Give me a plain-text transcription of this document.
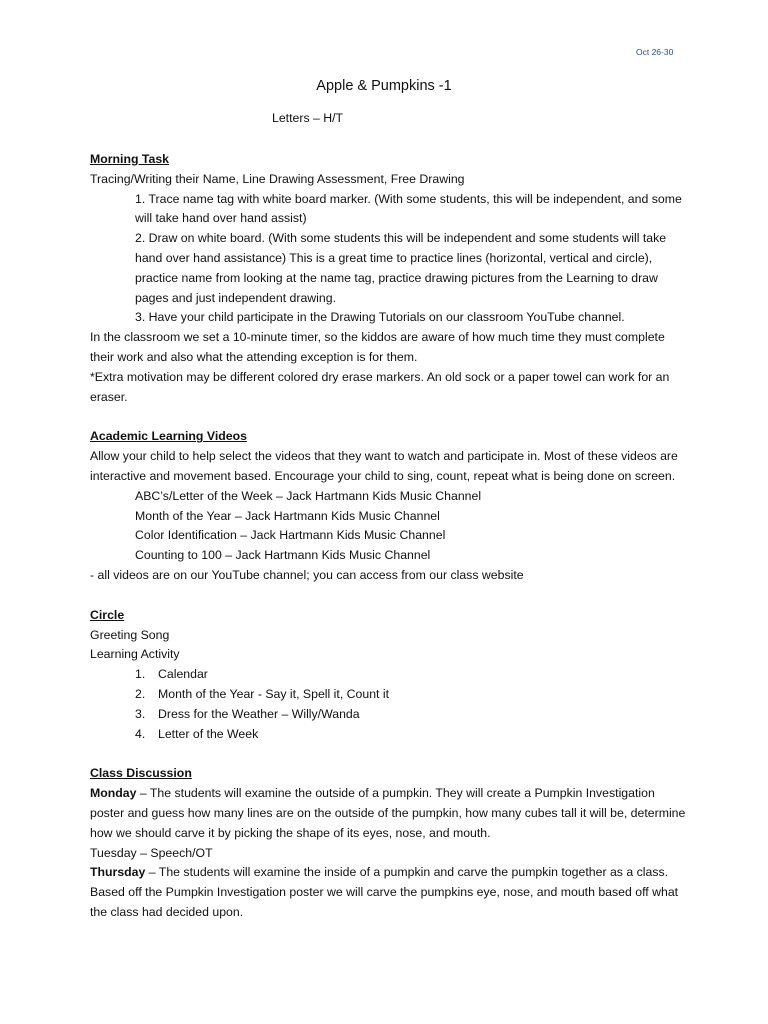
Oct 26-30
Apple & Pumpkins -1
Letters – H/T
Morning Task

Tracing/Writing their Name, Line Drawing Assessment, Free Drawing

1. Trace name tag with white board marker. (With some students, this will be independent, and some will take hand over hand assist)

2. Draw on white board. (With some students this will be independent and some students will take hand over hand assistance) This is a great time to practice lines (horizontal, vertical and circle), practice name from looking at the name tag, practice drawing pictures from the Learning to draw pages and just independent drawing.

3. Have your child participate in the Drawing Tutorials on our classroom YouTube channel.

In the classroom we set a 10-minute timer, so the kiddos are aware of how much time they must complete their work and also what the attending exception is for them.

*Extra motivation may be different colored dry erase markers. An old sock or a paper towel can work for an eraser.

Academic Learning Videos

Allow your child to help select the videos that they want to watch and participate in. Most of these videos are interactive and movement based. Encourage your child to sing, count, repeat what is being done on screen.

ABC’s/Letter of the Week – Jack Hartmann Kids Music Channel
Month of the Year – Jack Hartmann Kids Music Channel
Color Identification – Jack Hartmann Kids Music Channel
Counting to 100 – Jack Hartmann Kids Music Channel

- all videos are on our YouTube channel; you can access from our class website

Circle

Greeting Song

Learning Activity

1. Calendar
2. Month of the Year - Say it, Spell it, Count it
3. Dress for the Weather – Willy/Wanda
4. Letter of the Week
Class Discussion

Monday – The students will examine the outside of a pumpkin. They will create a Pumpkin Investigation poster and guess how many lines are on the outside of the pumpkin, how many cubes tall it will be, determine how we should carve it by picking the shape of its eyes, nose, and mouth.

Tuesday – Speech/OT

Thursday – The students will examine the inside of a pumpkin and carve the pumpkin together as a class. Based off the Pumpkin Investigation poster we will carve the pumpkins eye, nose, and mouth based off what the class had decided upon.
